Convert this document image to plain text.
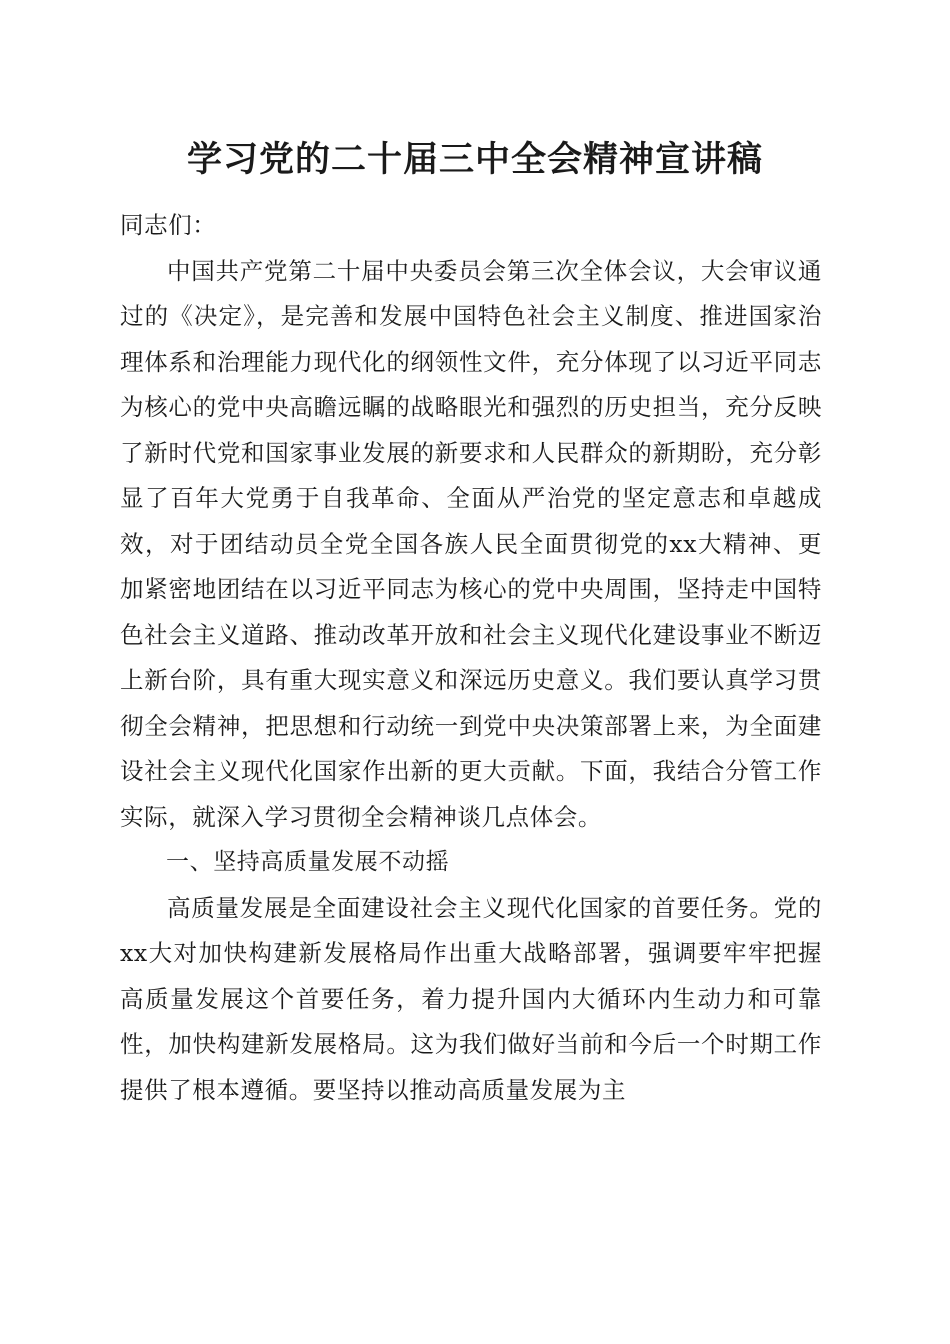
学习党的二十届三中全会精神宣讲稿

同志们：

中国共产党第二十届中央委员会第三次全体会议，大会审议通过的《决定》，是完善和发展中国特色社会主义制度、推进国家治理体系和治理能力现代化的纲领性文件，充分体现了以习近平同志为核心的党中央高瞻远瞩的战略眼光和强烈的历史担当，充分反映了新时代党和国家事业发展的新要求和人民群众的新期盼，充分彰显了百年大党勇于自我革命、全面从严治党的坚定意志和卓越成效，对于团结动员全党全国各族人民全面贯彻党的xx大精神、更加紧密地团结在以习近平同志为核心的党中央周围，坚持走中国特色社会主义道路、推动改革开放和社会主义现代化建设事业不断迈上新台阶，具有重大现实意义和深远历史意义。我们要认真学习贯彻全会精神，把思想和行动统一到党中央决策部署上来，为全面建设社会主义现代化国家作出新的更大贡献。下面，我结合分管工作实际，就深入学习贯彻全会精神谈几点体会。

一、坚持高质量发展不动摇

高质量发展是全面建设社会主义现代化国家的首要任务。党的xx大对加快构建新发展格局作出重大战略部署，强调要牢牢把握高质量发展这个首要任务，着力提升国内大循环内生动力和可靠性，加快构建新发展格局。这为我们做好当前和今后一个时期工作提供了根本遵循。要坚持以推动高质量发展为主
